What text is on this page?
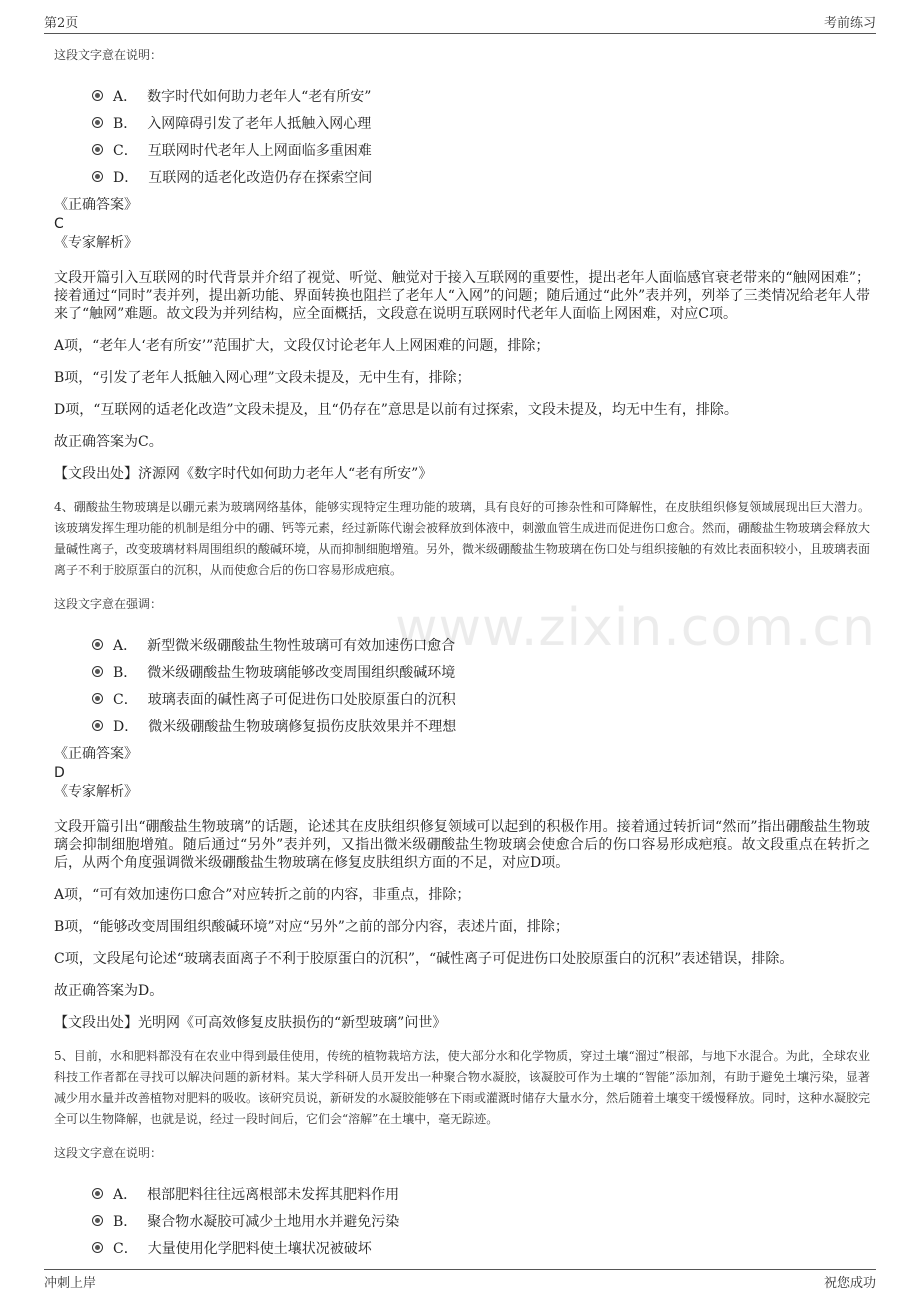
第2页	考前练习
www.zixin.com.cn
这段文字意在说明：
A． 数字时代如何助力老年人“老有所安”
B． 入网障碍引发了老年人抵触入网心理
C． 互联网时代老年人上网面临多重困难
D． 互联网的适老化改造仍存在探索空间
《正确答案》
C
《专家解析》

文段开篇引入互联网的时代背景并介绍了视觉、听觉、触觉对于接入互联网的重要性，提出老年人面临感官衰老带来的“触网困难”；接着通过“同时”表并列，提出新功能、界面转换也阻拦了老年人“入网”的问题；随后通过“此外”表并列，列举了三类情况给老年人带来了“触网”难题。故文段为并列结构，应全面概括，文段意在说明互联网时代老年人面临上网困难，对应C项。

A项，“老年人‘老有所安’”范围扩大，文段仅讨论老年人上网困难的问题，排除；

B项，“引发了老年人抵触入网心理”文段未提及，无中生有，排除；

D项，“互联网的适老化改造”文段未提及，且“仍存在”意思是以前有过探索，文段未提及，均无中生有，排除。

故正确答案为C。

【文段出处】济源网《数字时代如何助力老年人“老有所安”》

4、硼酸盐生物玻璃是以硼元素为玻璃网络基体，能够实现特定生理功能的玻璃，具有良好的可掺杂性和可降解性，在皮肤组织修复领域展现出巨大潜力。该玻璃发挥生理功能的机制是组分中的硼、钙等元素，经过新陈代谢会被释放到体液中，刺激血管生成进而促进伤口愈合。然而，硼酸盐生物玻璃会释放大量碱性离子，改变玻璃材料周围组织的酸碱环境，从而抑制细胞增殖。另外，微米级硼酸盐生物玻璃在伤口处与组织接触的有效比表面积较小，且玻璃表面离子不利于胶原蛋白的沉积，从而使愈合后的伤口容易形成疤痕。
这段文字意在强调：
A． 新型微米级硼酸盐生物性玻璃可有效加速伤口愈合
B． 微米级硼酸盐生物玻璃能够改变周围组织酸碱环境
C． 玻璃表面的碱性离子可促进伤口处胶原蛋白的沉积
D． 微米级硼酸盐生物玻璃修复损伤皮肤效果并不理想
《正确答案》
D
《专家解析》

文段开篇引出“硼酸盐生物玻璃”的话题，论述其在皮肤组织修复领域可以起到的积极作用。接着通过转折词“然而”指出硼酸盐生物玻璃会抑制细胞增殖。随后通过“另外”表并列，又指出微米级硼酸盐生物玻璃会使愈合后的伤口容易形成疤痕。故文段重点在转折之后，从两个角度强调微米级硼酸盐生物玻璃在修复皮肤组织方面的不足，对应D项。

A项，“可有效加速伤口愈合”对应转折之前的内容，非重点，排除；

B项，“能够改变周围组织酸碱环境”对应“另外”之前的部分内容，表述片面，排除；

C项，文段尾句论述“玻璃表面离子不利于胶原蛋白的沉积”，“碱性离子可促进伤口处胶原蛋白的沉积”表述错误，排除。

故正确答案为D。

【文段出处】光明网《可高效修复皮肤损伤的“新型玻璃”问世》

5、目前，水和肥料都没有在农业中得到最佳使用，传统的植物栽培方法，使大部分水和化学物质，穿过土壤“溜过”根部，与地下水混合。为此，全球农业科技工作者都在寻找可以解决问题的新材料。某大学科研人员开发出一种聚合物水凝胶，该凝胶可作为土壤的“智能”添加剂，有助于避免土壤污染，显著减少用水量并改善植物对肥料的吸收。该研究员说，新研发的水凝胶能够在下雨或灌溉时储存大量水分，然后随着土壤变干缓慢释放。同时，这种水凝胶完全可以生物降解，也就是说，经过一段时间后，它们会“溶解”在土壤中，毫无踪迹。
这段文字意在说明：
A． 根部肥料往往远离根部未发挥其肥料作用
B． 聚合物水凝胶可减少土地用水并避免污染
C． 大量使用化学肥料使土壤状况被破坏
冲刺上岸	祝您成功
